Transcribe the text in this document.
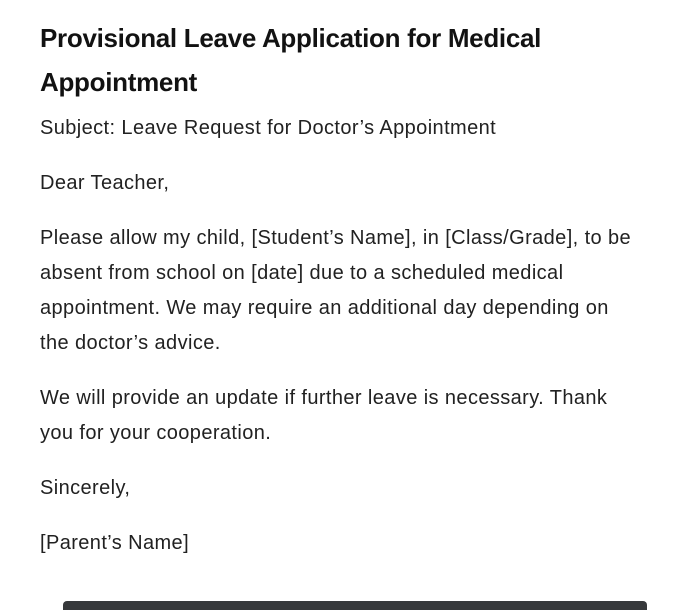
Provisional Leave Application for Medical
Appointment

Subject: Leave Request for Doctor’s Appointment

Dear Teacher,

Please allow my child, [Student’s Name], in [Class/Grade], to be
absent from school on [date] due to a scheduled medical
appointment. We may require an additional day depending on
the doctor’s advice.

We will provide an update if further leave is necessary. Thank
you for your cooperation.

Sincerely,

[Parent’s Name]
